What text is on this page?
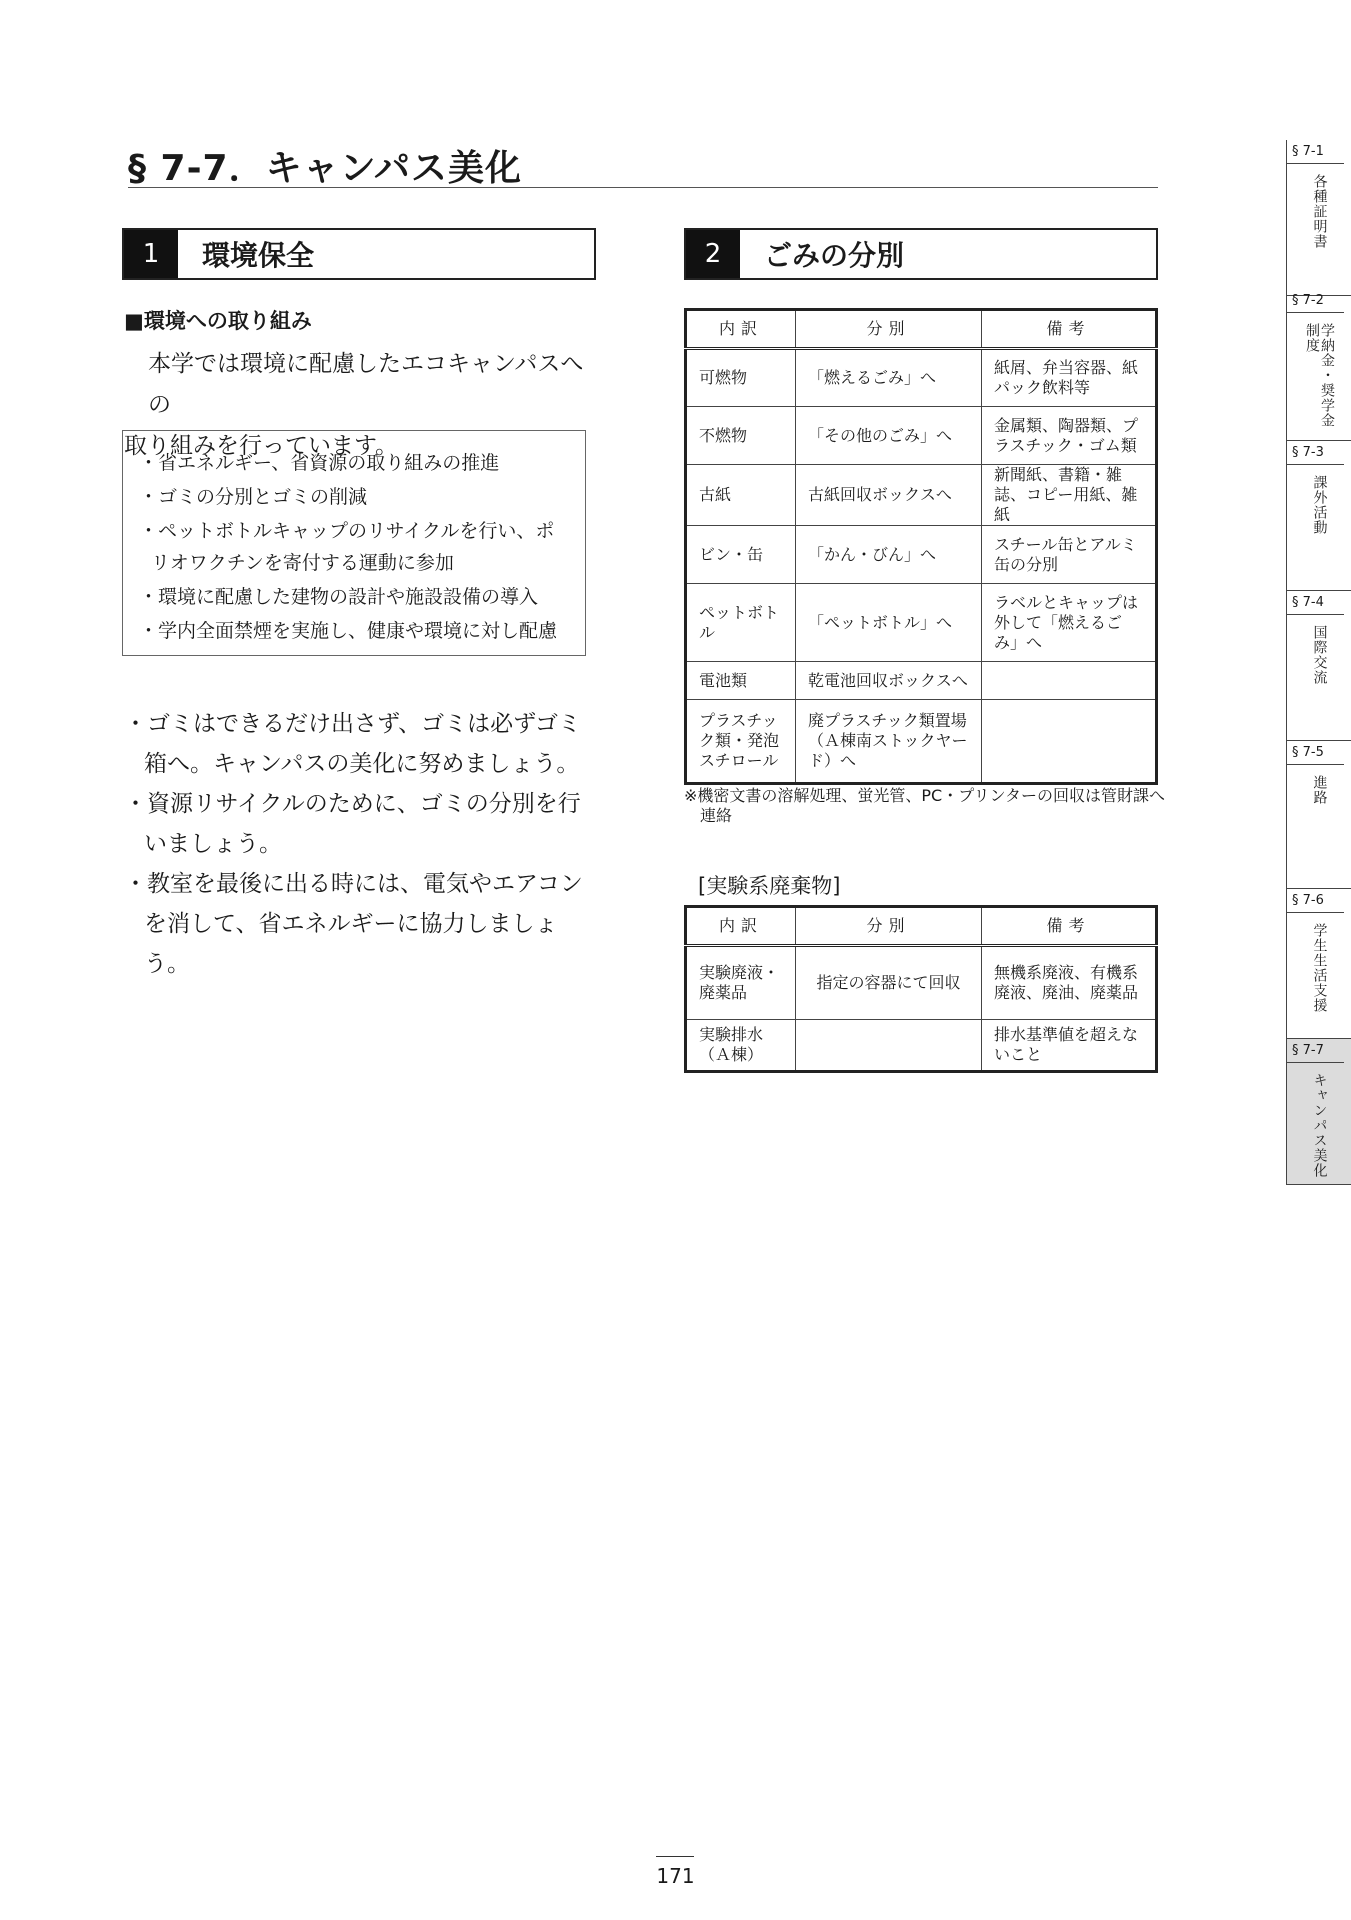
§ 7-7．キャンパス美化
1	環境保全
■環境への取り組み
本学では環境に配慮したエコキャンパスへの
取り組みを行っています。
・省エネルギー、省資源の取り組みの推進
・ゴミの分別とゴミの削減
・ペットボトルキャップのリサイクルを行い、ポリオワクチンを寄付する運動に参加
・環境に配慮した建物の設計や施設設備の導入
・学内全面禁煙を実施し、健康や環境に対し配慮
・ゴミはできるだけ出さず、ゴミは必ずゴミ箱へ。キャンパスの美化に努めましょう。
・資源リサイクルのために、ゴミの分別を行いましょう。
・教室を最後に出る時には、電気やエアコンを消して、省エネルギーに協力しましょう。
2	ごみの分別
内訳	分別	備考
可燃物	「燃えるごみ」へ	紙屑、弁当容器、紙パック飲料等
不燃物	「その他のごみ」へ	金属類、陶器類、プラスチック・ゴム類
古紙	古紙回収ボックスへ	新聞紙、書籍・雑誌、コピー用紙、雑紙
ビン・缶	「かん・びん」へ	スチール缶とアルミ缶の分別
ペットボトル	「ペットボトル」へ	ラベルとキャップは外して「燃えるごみ」へ
電池類	乾電池回収ボックスへ	
プラスチック類・発泡スチロール	廃プラスチック類置場（Ａ棟南ストックヤード）へ	
※機密文書の溶解処理、蛍光管、PC・プリンターの回収は管財課へ連絡
[実験系廃棄物]
内訳	分別	備考
実験廃液・廃薬品	指定の容器にて回収	無機系廃液、有機系廃液、廃油、廃薬品
実験排水（Ａ棟）		排水基準値を超えないこと
§ 7-1
各種証明書
§ 7-2
学納金・奨学金制度
§ 7-3
課外活動
§ 7-4
国際交流
§ 7-5
進路
§ 7-6
学生生活支援
§ 7-7
キャンパス美化
171
